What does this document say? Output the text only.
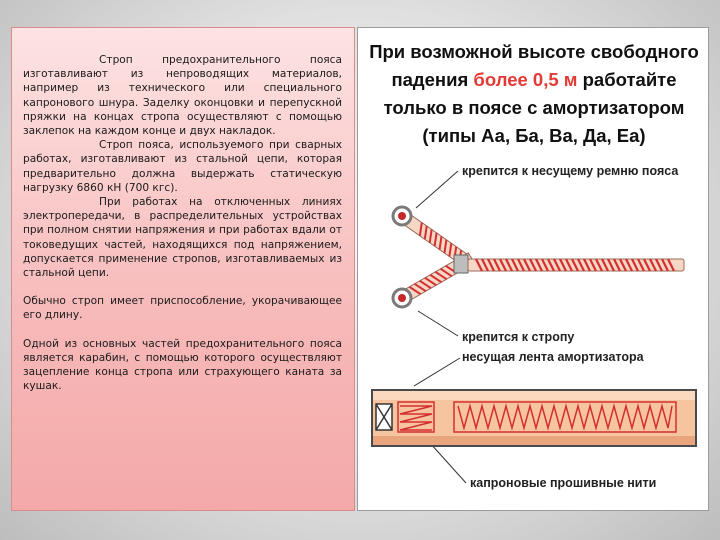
Строп предохранительного пояса изготавливают из непроводящих материалов, например из технического или специального капронового шнура. Заделку оконцовки и перепускной пряжки на концах стропа осуществляют с помощью заклепок на каждом конце и двух накладок.

Строп пояса, используемого при сварных работах, изготавливают из стальной цепи, которая предварительно должна выдержать статическую нагрузку 6860 кН (700 кгс).

При работах на отключенных линиях электропередачи, в распределительных устройствах при полном снятии напряжения и при работах вдали от токоведущих частей, находящихся под напряжением, допускается применение стропов, изготавливаемых из стальной цепи.

Обычно строп имеет приспособление, укорачивающее его длину.

Одной из основных частей предохранительного пояса является карабин, с помощью которого осуществляют зацепление конца стропа или страхующего каната за кушак.

При возможной высоте свободного падения более 0,5 м работайте только в поясе с амортизатором (типы Аа, Ба, Ва, Да, Еа)
крепится к несущему ремню пояса
крепится к стропу
несущая лента амортизатора
капроновые прошивные нити
